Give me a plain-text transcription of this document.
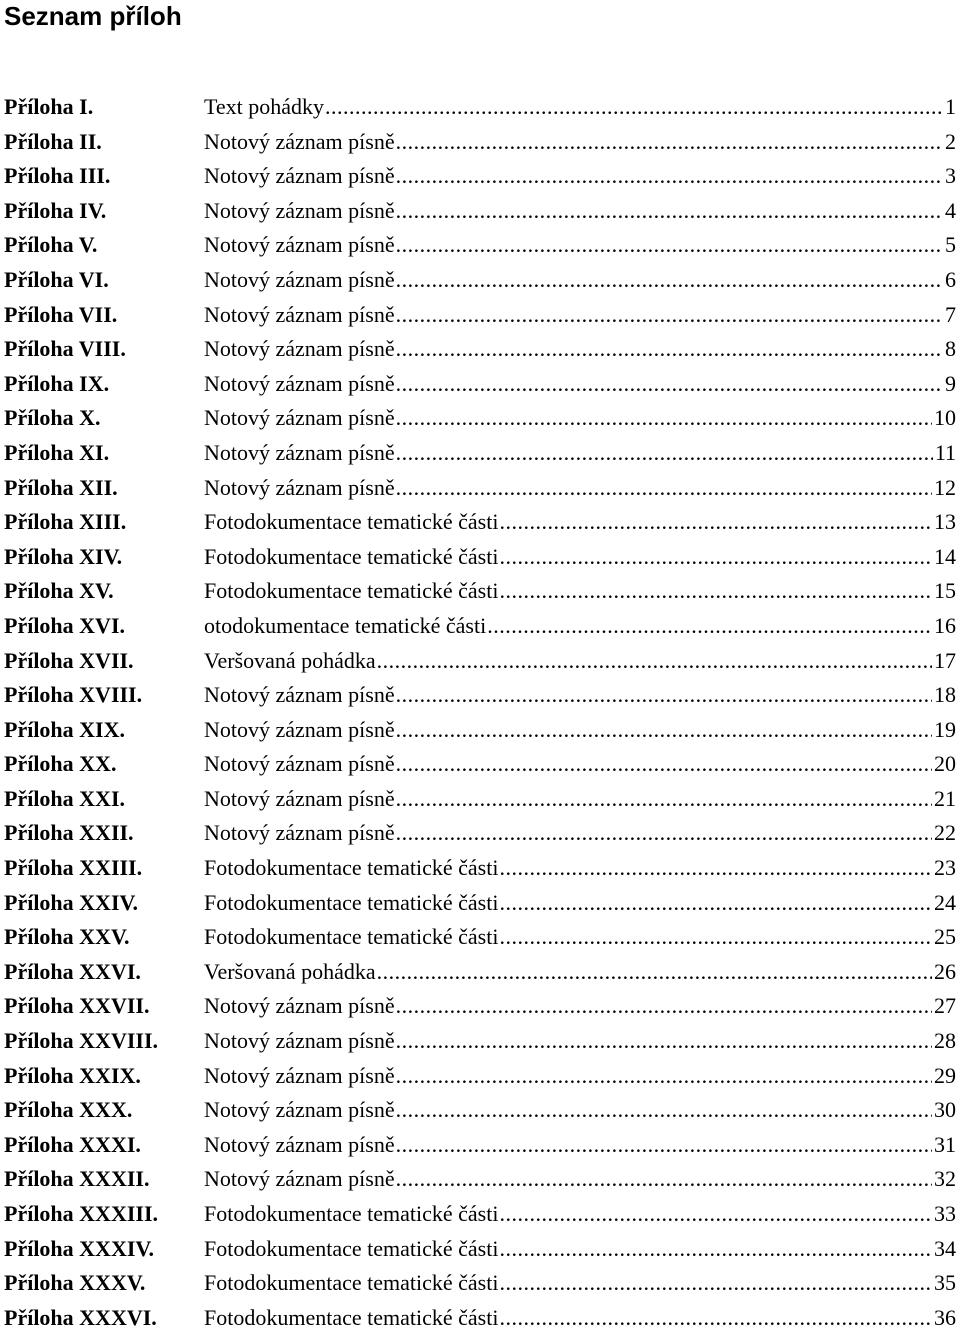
Seznam příloh
Příloha I.	Text pohádky .....	1
Příloha II.	Notový záznam písně .....	2
Příloha III.	Notový záznam písně .....	3
Příloha IV.	Notový záznam písně .....	4
Příloha V.	Notový záznam písně .....	5
Příloha VI.	Notový záznam písně .....	6
Příloha VII.	Notový záznam písně .....	7
Příloha VIII.	Notový záznam písně .....	8
Příloha IX.	Notový záznam písně .....	9
Příloha X.	Notový záznam písně .....	10
Příloha XI.	Notový záznam písně .....	11
Příloha XII.	Notový záznam písně .....	12
Příloha XIII.	Fotodokumentace tematické části .....	13
Příloha XIV.	Fotodokumentace tematické části .....	14
Příloha XV.	Fotodokumentace tematické části .....	15
Příloha XVI.	otodokumentace tematické části .....	16
Příloha XVII.	Veršovaná pohádka .....	17
Příloha XVIII.	Notový záznam písně .....	18
Příloha XIX.	Notový záznam písně .....	19
Příloha XX.	Notový záznam písně .....	20
Příloha XXI.	Notový záznam písně .....	21
Příloha XXII.	Notový záznam písně .....	22
Příloha XXIII.	Fotodokumentace tematické části .....	23
Příloha XXIV.	Fotodokumentace tematické části .....	24
Příloha XXV.	Fotodokumentace tematické části .....	25
Příloha XXVI.	Veršovaná pohádka .....	26
Příloha XXVII.	Notový záznam písně .....	27
Příloha XXVIII.	Notový záznam písně .....	28
Příloha XXIX.	Notový záznam písně .....	29
Příloha XXX.	Notový záznam písně .....	30
Příloha XXXI.	Notový záznam písně .....	31
Příloha XXXII.	Notový záznam písně .....	32
Příloha XXXIII.	Fotodokumentace tematické části .....	33
Příloha XXXIV.	Fotodokumentace tematické části .....	34
Příloha XXXV.	Fotodokumentace tematické části .....	35
Příloha XXXVI.	Fotodokumentace tematické části .....	36
